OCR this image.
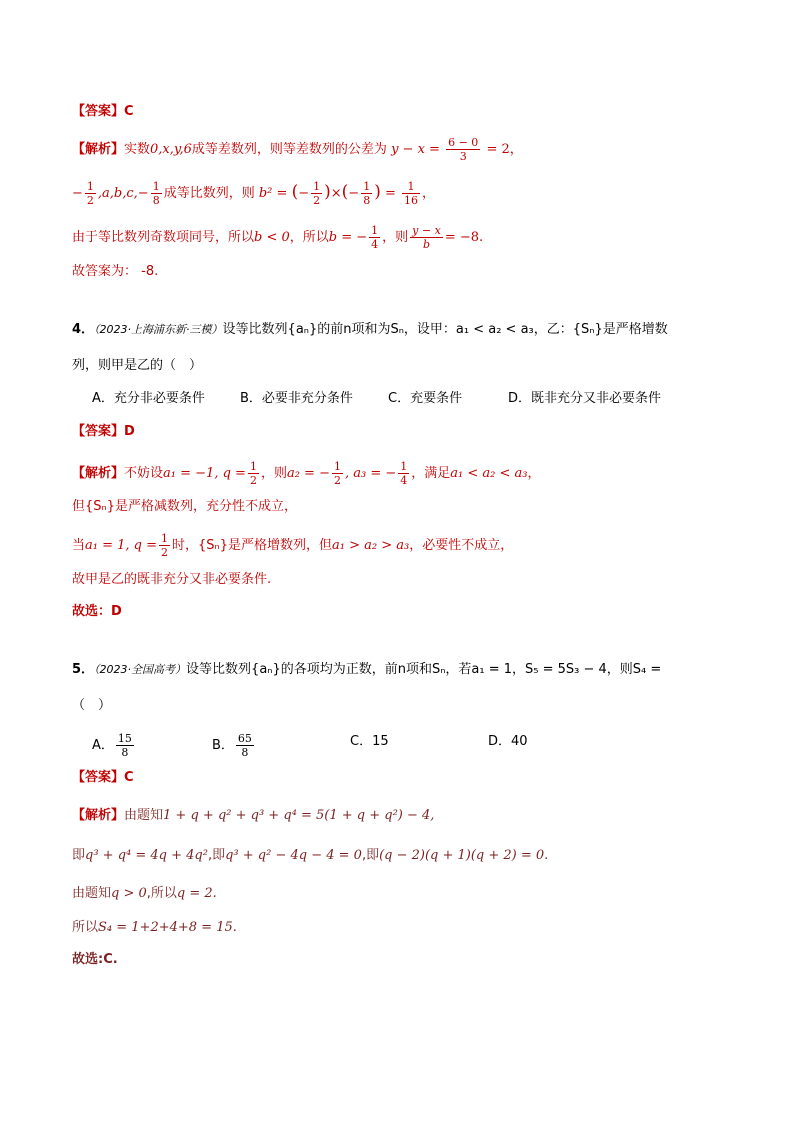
【答案】C
【解析】实数0,x,y,6成等差数列，则等差数列的公差为 $y - x = \frac{6 - 0}{3} = 2$，
− $\frac{1}{2} ,a,b,c,- \frac{1}{8}$ 成等比数列，则 b² = (− $\frac{1}{2}$ )×(− $\frac{1}{8}$ ) = $\frac{1}{16}$ ，
由于等比数列奇数项同号，所以b < 0，所以b = − $\frac{1}{4}$ ，则 $\frac{y - x}{b} = -8$.
故答案为： -8.
4．（2023·上海浦东新·三模）设等比数列{aₙ}的前n项和为Sₙ，设甲：a₁ < a₂ < a₃，乙：{Sₙ}是严格增数
列，则甲是乙的（　）
A．充分非必要条件	B．必要非充分条件	C．充要条件	D．既非充分又非必要条件
【答案】D
【解析】不妨设a₁ = −1, $q = \frac{1}{2}$ ，则a₂ = − $\frac{1}{2}$ , a₃ = − $\frac{1}{4}$ ，满足a₁ < a₂ < a₃，
但{Sₙ}是严格减数列，充分性不成立，
当a₁ = 1, $q = \frac{1}{2}$ 时，{Sₙ}是严格增数列，但a₁ > a₂ > a₃，必要性不成立，
故甲是乙的既非充分又非必要条件.
故选：D
5．（2023·全国高考）设等比数列{aₙ}的各项均为正数，前n项和Sₙ，若a₁ = 1，S₅ = 5S₃ − 4，则S₄ =
（　）
A． $\frac{15}{8}$	B． $\frac{65}{8}$	C．15	D．40
【答案】C
【解析】由题知1 + q + q² + q³ + q⁴ = 5(1 + q + q²) − 4,
即q³ + q⁴ = 4q + 4q²,即q³ + q² − 4q − 4 = 0,即(q − 2)(q + 1)(q + 2) = 0.
由题知q > 0,所以q = 2.
所以S₄ = 1+2+4+8 = 15.
故选:C.
